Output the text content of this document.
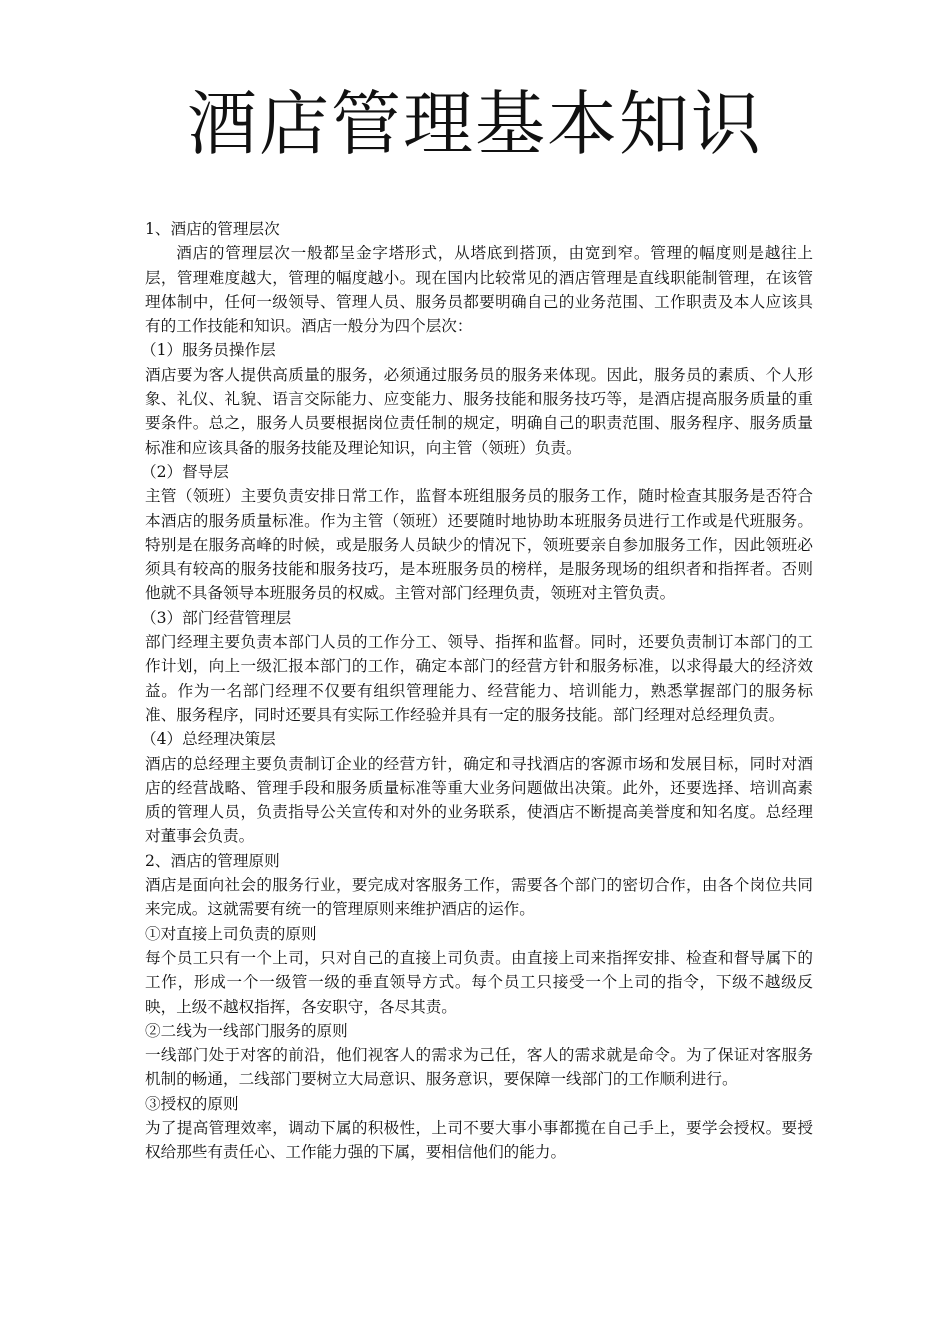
酒店管理基本知识

1、酒店的管理层次

酒店的管理层次一般都呈金字塔形式，从塔底到搭顶，由宽到窄。管理的幅度则是越往上层，管理难度越大，管理的幅度越小。现在国内比较常见的酒店管理是直线职能制管理，在该管理体制中，任何一级领导、管理人员、服务员都要明确自己的业务范围、工作职责及本人应该具有的工作技能和知识。酒店一般分为四个层次：

（1）服务员操作层

酒店要为客人提供高质量的服务，必须通过服务员的服务来体现。因此，服务员的素质、个人形象、礼仪、礼貌、语言交际能力、应变能力、服务技能和服务技巧等，是酒店提高服务质量的重要条件。总之，服务人员要根据岗位责任制的规定，明确自己的职责范围、服务程序、服务质量标准和应该具备的服务技能及理论知识，向主管（领班）负责。

（2）督导层

主管（领班）主要负责安排日常工作，监督本班组服务员的服务工作，随时检查其服务是否符合本酒店的服务质量标准。作为主管（领班）还要随时地协助本班服务员进行工作或是代班服务。特别是在服务高峰的时候，或是服务人员缺少的情况下，领班要亲自参加服务工作，因此领班必须具有较高的服务技能和服务技巧，是本班服务员的榜样，是服务现场的组织者和指挥者。否则他就不具备领导本班服务员的权威。主管对部门经理负责，领班对主管负责。

（3）部门经营管理层

部门经理主要负责本部门人员的工作分工、领导、指挥和监督。同时，还要负责制订本部门的工作计划，向上一级汇报本部门的工作，确定本部门的经营方针和服务标准，以求得最大的经济效益。作为一名部门经理不仅要有组织管理能力、经营能力、培训能力，熟悉掌握部门的服务标准、服务程序，同时还要具有实际工作经验并具有一定的服务技能。部门经理对总经理负责。

（4）总经理决策层

酒店的总经理主要负责制订企业的经营方针，确定和寻找酒店的客源市场和发展目标，同时对酒店的经营战略、管理手段和服务质量标准等重大业务问题做出决策。此外，还要选择、培训高素质的管理人员，负责指导公关宣传和对外的业务联系，使酒店不断提高美誉度和知名度。总经理对董事会负责。

2、酒店的管理原则

酒店是面向社会的服务行业，要完成对客服务工作，需要各个部门的密切合作，由各个岗位共同来完成。这就需要有统一的管理原则来维护酒店的运作。

①对直接上司负责的原则

每个员工只有一个上司，只对自己的直接上司负责。由直接上司来指挥安排、检查和督导属下的工作，形成一个一级管一级的垂直领导方式。每个员工只接受一个上司的指令，下级不越级反映，上级不越权指挥，各安职守，各尽其责。

②二线为一线部门服务的原则

一线部门处于对客的前沿，他们视客人的需求为己任，客人的需求就是命令。为了保证对客服务机制的畅通，二线部门要树立大局意识、服务意识，要保障一线部门的工作顺利进行。

③授权的原则

为了提高管理效率，调动下属的积极性，上司不要大事小事都揽在自己手上，要学会授权。要授权给那些有责任心、工作能力强的下属，要相信他们的能力。
